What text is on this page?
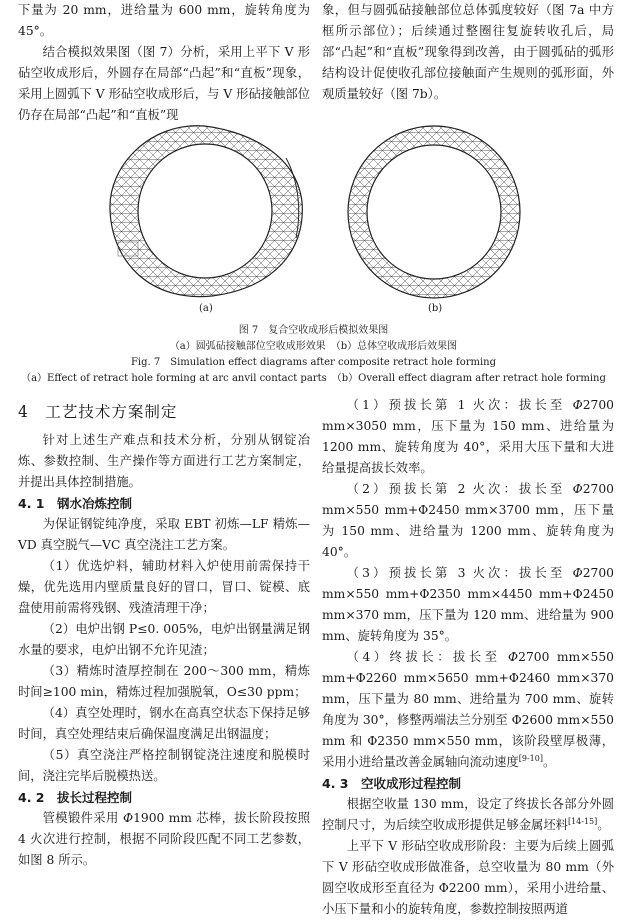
下量为 20 mm，进给量为 600 mm，旋转角度为 45°。

结合模拟效果图（图 7）分析，采用上平下 V 形砧空收成形后，外圆存在局部“凸起”和“直板”现象，采用上圆弧下 V 形砧空收成形后，与 V 形砧接触部位仍存在局部“凸起”和“直板”现

象，但与圆弧砧接触部位总体弧度较好（图 7a 中方框所示部位）；后续通过整圈往复旋转收孔后，局部“凸起”和“直板”现象得到改善，由于圆弧砧的弧形结构设计促使收孔部位接触面产生规则的弧形面，外观质量较好（图 7b）。

(a)	(b)
图 7　复合空收成形后模拟效果图
（a）圆弧砧接触部位空收成形效果　（b）总体空收成形后效果图
Fig. 7　Simulation effect diagrams after composite retract hole forming
（a）Effect of retract hole forming at arc anvil contact parts　（b）Overall effect diagram after retract hole forming
4　工艺技术方案制定

针对上述生产难点和技术分析，分别从钢锭冶炼、参数控制、生产操作等方面进行工艺方案制定，并提出具体控制措施。

4. 1　钢水冶炼控制

为保证钢锭纯净度，采取 EBT 初炼—LF 精炼—VD 真空脱气—VC 真空浇注工艺方案。

（1）优选炉料，辅助材料入炉使用前需保持干燥，优先选用内壁质量良好的冒口，冒口、锭模、底盘使用前需将残钢、残渣清理干净；

（2）电炉出钢 P≤0. 005%，电炉出钢量满足钢水量的要求，电炉出钢不允许见渣；

（3）精炼时渣厚控制在 200～300 mm，精炼时间≥100 min，精炼过程加强脱氧，O≤30 ppm；

（4）真空处理时，钢水在高真空状态下保持足够时间，真空处理结束后确保温度满足出钢温度；

（5）真空浇注严格控制钢锭浇注速度和脱模时间，浇注完毕后脱模热送。

4. 2　拔长过程控制

管模锻件采用 Φ1900 mm 芯棒，拔长阶段按照 4 火次进行控制，根据不同阶段匹配不同工艺参数，如图 8 所示。

（1）预拔长第 1 火次：拔长至 Φ2700 mm×3050 mm，压下量为 150 mm、进给量为 1200 mm、旋转角度为 40°，采用大压下量和大进给量提高拔长效率。

（2）预拔长第 2 火次：拔长至 Φ2700 mm×550 mm+Φ2450 mm×3700 mm，压下量为 150 mm、进给量为 1200 mm、旋转角度为 40°。

（3）预拔长第 3 火次：拔长至 Φ2700 mm×550 mm+Φ2350 mm×4450 mm+Φ2450 mm×370 mm，压下量为 120 mm、进给量为 900 mm、旋转角度为 35°。

（4）终拔长：拔长至 Φ2700 mm×550 mm+Φ2260 mm×5650 mm+Φ2460 mm×370 mm，压下量为 80 mm、进给量为 700 mm、旋转角度为 30°，修整两端法兰分别至 Φ2600 mm×550 mm 和 Φ2350 mm×550 mm，该阶段壁厚极薄，采用小进给量改善金属轴向流动速度[9-10]。

4. 3　空收成形过程控制

根据空收量 130 mm，设定了终拔长各部分外圆控制尺寸，为后续空收成形提供足够金属坯料[14-15]。

上平下 V 形砧空收成形阶段：主要为后续上圆弧下 V 形砧空收成形做准备，总空收量为 80 mm（外圆空收成形至直径为 Φ2200 mm），采用小进给量、小压下量和小的旋转角度，参数控制按照两道
